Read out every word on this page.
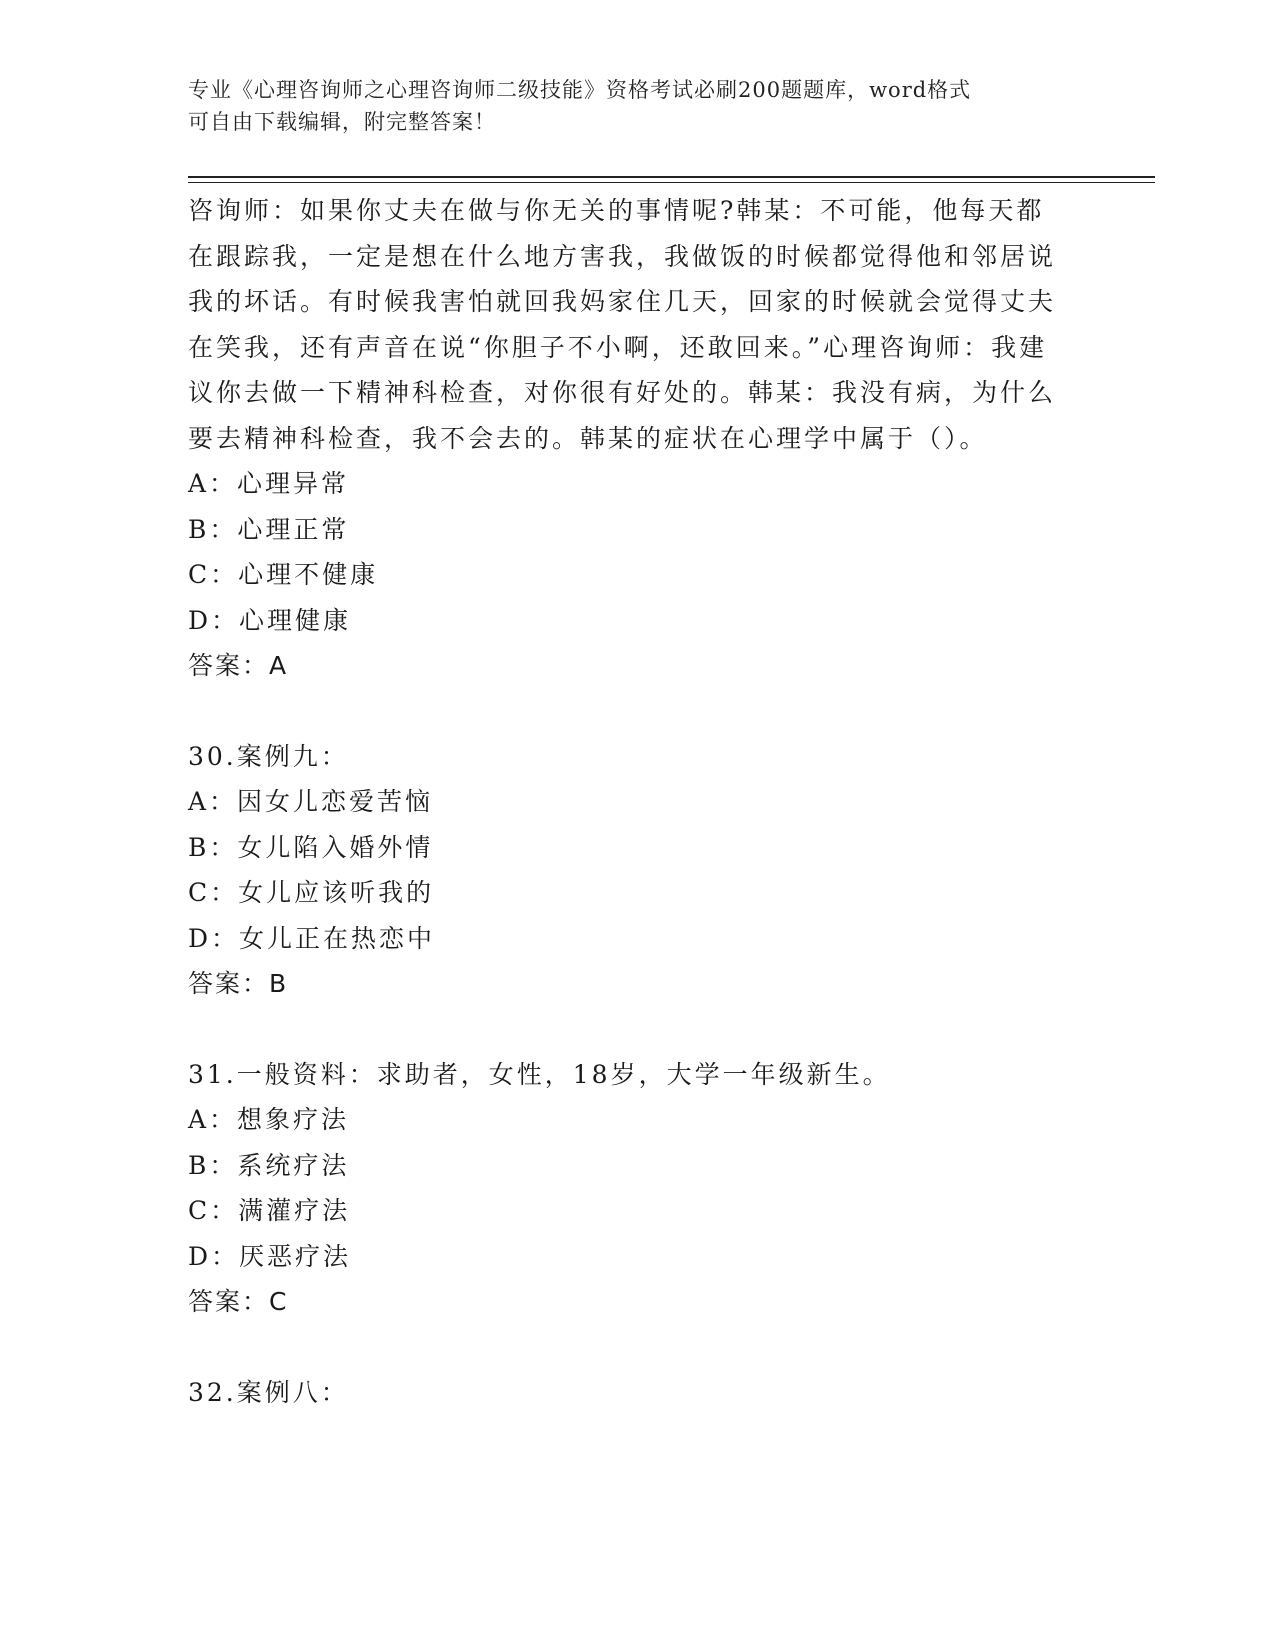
专业《心理咨询师之心理咨询师二级技能》资格考试必刷200题题库，word格式
可自由下载编辑，附完整答案！

咨询师：如果你丈夫在做与你无关的事情呢?韩某：不可能，他每天都在跟踪我，一定是想在什么地方害我，我做饭的时候都觉得他和邻居说我的坏话。有时候我害怕就回我妈家住几天，回家的时候就会觉得丈夫在笑我，还有声音在说“你胆子不小啊，还敢回来。”心理咨询师：我建议你去做一下精神科检查，对你很有好处的。韩某：我没有病，为什么要去精神科检查，我不会去的。韩某的症状在心理学中属于（）。

A：心理异常

B：心理正常

C：心理不健康

D：心理健康

答案：A

30.案例九：

A：因女儿恋爱苦恼

B：女儿陷入婚外情

C：女儿应该听我的

D：女儿正在热恋中

答案：B

31.一般资料：求助者，女性，18岁，大学一年级新生。

A：想象疗法

B：系统疗法

C：满灌疗法

D：厌恶疗法

答案：C

32.案例八：
